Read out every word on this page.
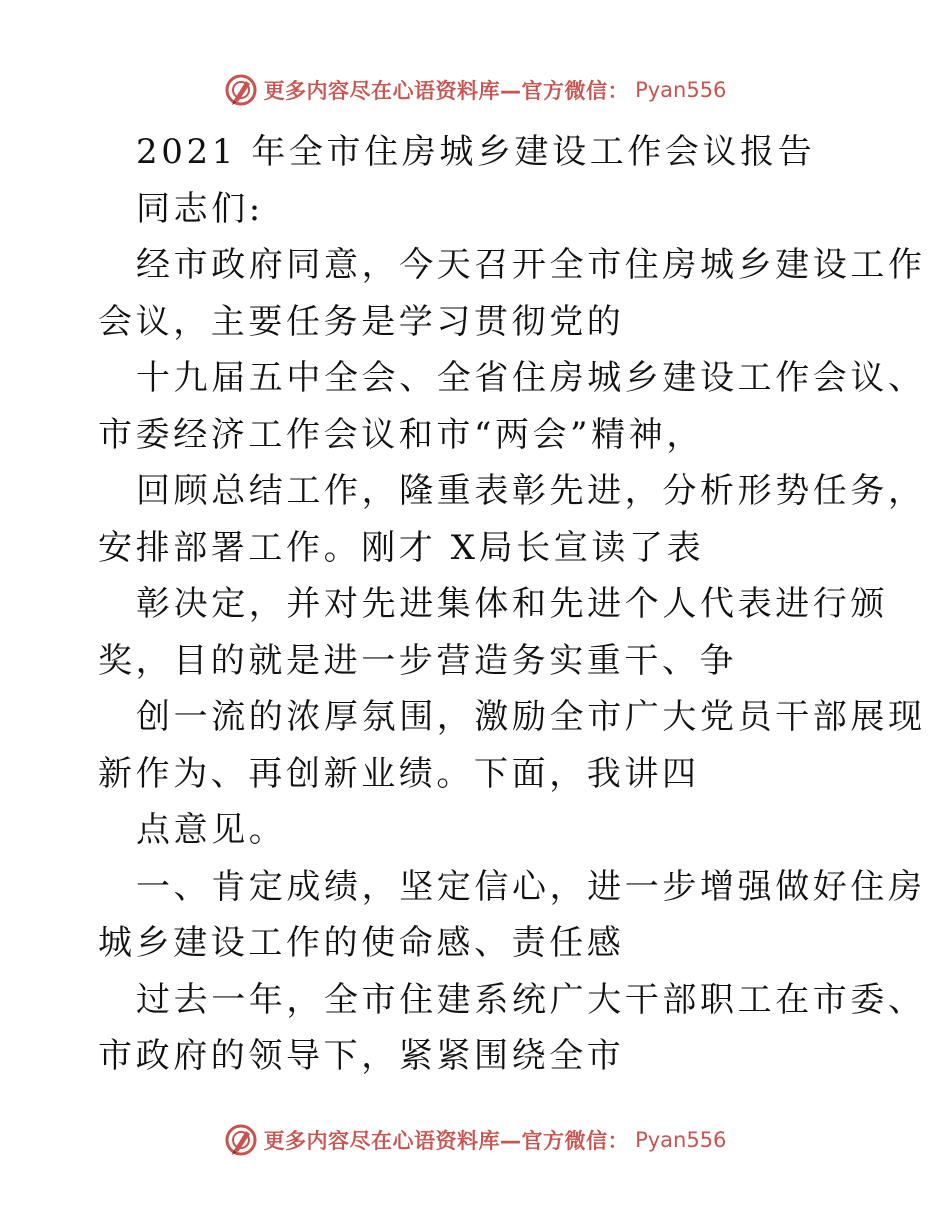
更多内容尽在心语资料库—官方微信： Pyan556
2021 年全市住房城乡建设工作会议报告
同志们:
经市政府同意，今天召开全市住房城乡建设工作
会议，主要任务是学习贯彻党的
十九届五中全会、全省住房城乡建设工作会议、
市委经济工作会议和市“两会”精神，
回顾总结工作，隆重表彰先进，分析形势任务，
安排部署工作。刚才 X局长宣读了表
彰决定，并对先进集体和先进个人代表进行颁
奖，目的就是进一步营造务实重干、争
创一流的浓厚氛围，激励全市广大党员干部展现
新作为、再创新业绩。下面，我讲四
点意见。
一、肯定成绩，坚定信心，进一步增强做好住房
城乡建设工作的使命感、责任感
过去一年，全市住建系统广大干部职工在市委、
市政府的领导下，紧紧围绕全市
更多内容尽在心语资料库—官方微信： Pyan556
